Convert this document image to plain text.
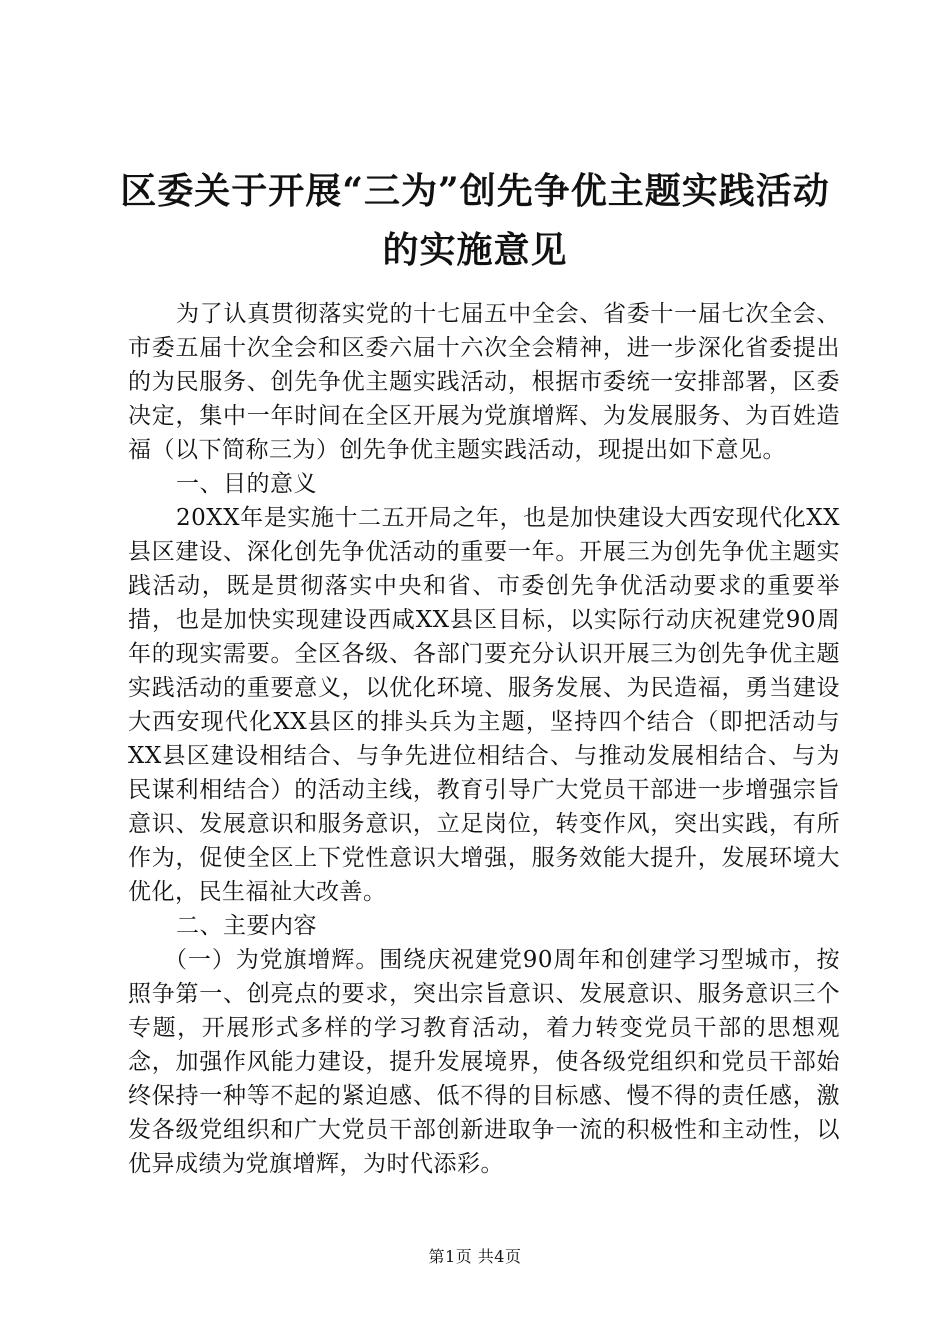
区委关于开展“三为”创先争优主题实践活动
的实施意见

为了认真贯彻落实党的十七届五中全会、省委十一届七次全会、市委五届十次全会和区委六届十六次全会精神，进一步深化省委提出的为民服务、创先争优主题实践活动，根据市委统一安排部署，区委决定，集中一年时间在全区开展为党旗增辉、为发展服务、为百姓造福（以下简称三为）创先争优主题实践活动，现提出如下意见。

一、目的意义

20XX年是实施十二五开局之年，也是加快建设大西安现代化XX县区建设、深化创先争优活动的重要一年。开展三为创先争优主题实践活动，既是贯彻落实中央和省、市委创先争优活动要求的重要举措，也是加快实现建设西咸XX县区目标，以实际行动庆祝建党90周年的现实需要。全区各级、各部门要充分认识开展三为创先争优主题实践活动的重要意义，以优化环境、服务发展、为民造福，勇当建设大西安现代化XX县区的排头兵为主题，坚持四个结合（即把活动与XX县区建设相结合、与争先进位相结合、与推动发展相结合、与为民谋利相结合）的活动主线，教育引导广大党员干部进一步增强宗旨意识、发展意识和服务意识，立足岗位，转变作风，突出实践，有所作为，促使全区上下党性意识大增强，服务效能大提升，发展环境大优化，民生福祉大改善。

二、主要内容

（一）为党旗增辉。围绕庆祝建党90周年和创建学习型城市，按照争第一、创亮点的要求，突出宗旨意识、发展意识、服务意识三个专题，开展形式多样的学习教育活动，着力转变党员干部的思想观念，加强作风能力建设，提升发展境界，使各级党组织和党员干部始终保持一种等不起的紧迫感、低不得的目标感、慢不得的责任感，激发各级党组织和广大党员干部创新进取争一流的积极性和主动性，以优异成绩为党旗增辉，为时代添彩。

第1页 共4页
